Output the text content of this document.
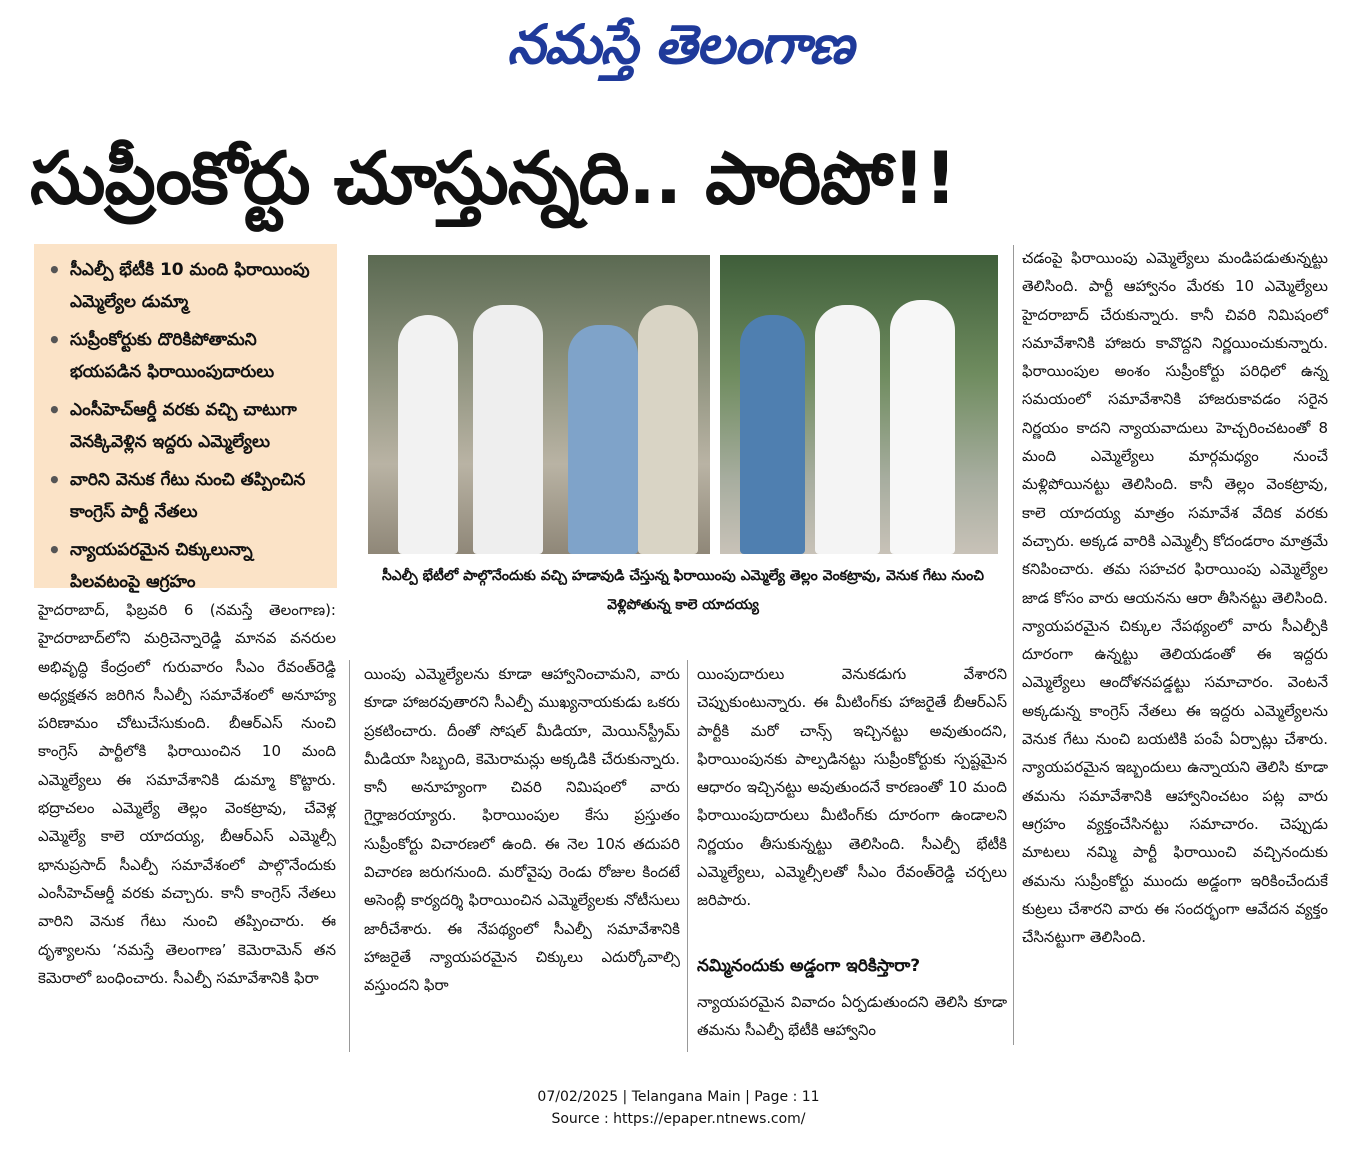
నమస్తే తెలంగాణ
సుప్రీంకోర్టు చూస్తున్నది.. పారిపో!!
• సీఎల్పీ భేటీకి 10 మంది ఫిరాయింపు ఎమ్మెల్యేల డుమ్మా
• సుప్రీంకోర్టుకు దొరికిపోతామని భయపడిన ఫిరాయింపుదారులు
• ఎంసీహెచ్‌ఆర్డీ వరకు వచ్చి చాటుగా వెనక్కివెళ్లిన ఇద్దరు ఎమ్మెల్యేలు
• వారిని వెనుక గేటు నుంచి తప్పించిన కాంగ్రెస్ పార్టీ నేతలు
• న్యాయపరమైన చిక్కులున్నా పిలవటంపై ఆగ్రహం	సీఎల్పీ భేటీలో పాల్గొనేందుకు వచ్చి హడావుడి చేస్తున్న ఫిరాయింపు ఎమ్మెల్యే తెల్లం వెంకట్రావు, వెనుక గేటు నుంచి వెళ్లిపోతున్న కాలె యాదయ్య

హైదరాబాద్, ఫిబ్రవరి 6 (నమస్తే తెలంగాణ): హైదరాబాద్‌లోని మర్రిచెన్నారెడ్డి మానవ వనరుల అభివృద్ధి కేంద్రంలో గురువారం సీఎం రేవంత్‌రెడ్డి అధ్యక్షతన జరిగిన సీఎల్పీ సమావేశంలో అనూహ్య పరిణామం చోటుచేసుకుంది. బీఆర్‌ఎస్ నుంచి కాంగ్రెస్ పార్టీలోకి ఫిరాయించిన 10 మంది ఎమ్మెల్యేలు ఈ సమావేశానికి డుమ్మా కొట్టారు. భద్రాచలం ఎమ్మెల్యే తెల్లం వెంకట్రావు, చేవెళ్ల ఎమ్మెల్యే కాలె యాదయ్య, బీఆర్‌ఎస్ ఎమ్మెల్సీ భానుప్రసాద్ సీఎల్పీ సమావేశంలో పాల్గొనేందుకు ఎంసీహెచ్‌ఆర్డీ వరకు వచ్చారు. కానీ కాంగ్రెస్ నేతలు వారిని వెనుక గేటు నుంచి తప్పించారు. ఈ దృశ్యాలను ‘నమస్తే తెలంగాణ’ కెమెరామెన్ తన కెమెరాలో బంధించారు. సీఎల్పీ సమావేశానికి ఫిరా

యింపు ఎమ్మెల్యేలను కూడా ఆహ్వానించామని, వారు కూడా హాజరవుతారని సీఎల్పీ ముఖ్యనాయకుడు ఒకరు ప్రకటించారు. దీంతో సోషల్ మీడియా, మెయిన్‌స్ట్రీమ్ మీడియా సిబ్బంది, కెమెరామన్లు అక్కడికి చేరుకున్నారు. కానీ అనూహ్యంగా చివరి నిమిషంలో వారు గైర్హాజరయ్యారు. ఫిరాయింపుల కేసు ప్రస్తుతం సుప్రీంకోర్టు విచారణలో ఉంది. ఈ నెల 10న తదుపరి విచారణ జరుగనుంది. మరోవైపు రెండు రోజుల కిందటే అసెంబ్లీ కార్యదర్శి ఫిరాయించిన ఎమ్మెల్యేలకు నోటీసులు జారీచేశారు. ఈ నేపథ్యంలో సీఎల్పీ సమావేశానికి హాజరైతే న్యాయపరమైన చిక్కులు ఎదుర్కోవాల్సి వస్తుందని ఫిరా

యింపుదారులు వెనుకడుగు వేశారని చెప్పుకుంటున్నారు. ఈ మీటింగ్‌కు హాజరైతే బీఆర్‌ఎస్ పార్టీకి మరో చాన్స్ ఇచ్చినట్టు అవుతుందని, ఫిరాయింపునకు పాల్పడినట్టు సుప్రీంకోర్టుకు స్పష్టమైన ఆధారం ఇచ్చినట్టు అవుతుందనే కారణంతో 10 మంది ఫిరాయింపుదారులు మీటింగ్‌కు దూరంగా ఉండాలని నిర్ణయం తీసుకున్నట్టు తెలిసింది. సీఎల్పీ భేటీకి ఎమ్మెల్యేలు, ఎమ్మెల్సీలతో సీఎం రేవంత్‌రెడ్డి చర్చలు జరిపారు.

నమ్మినందుకు అడ్డంగా ఇరికిస్తారా?

న్యాయపరమైన వివాదం ఏర్పడుతుందని తెలిసి కూడా తమను సీఎల్పీ భేటీకి ఆహ్వానిం

చడంపై ఫిరాయింపు ఎమ్మెల్యేలు మండిపడుతున్నట్టు తెలిసింది. పార్టీ ఆహ్వానం మేరకు 10 ఎమ్మెల్యేలు హైదరాబాద్ చేరుకున్నారు. కానీ చివరి నిమిషంలో సమావేశానికి హాజరు కావొద్దని నిర్ణయించుకున్నారు. ఫిరాయింపుల అంశం సుప్రీంకోర్టు పరిధిలో ఉన్న సమయంలో సమావేశానికి హాజరుకావడం సరైన నిర్ణయం కాదని న్యాయవాదులు హెచ్చరించటంతో 8 మంది ఎమ్మెల్యేలు మార్గమధ్యం నుంచే మళ్లిపోయినట్టు తెలిసింది. కానీ తెల్లం వెంకట్రావు, కాలె యాదయ్య మాత్రం సమావేశ వేదిక వరకు వచ్చారు. అక్కడ వారికి ఎమ్మెల్సీ కోదండరాం మాత్రమే కనిపించారు. తమ సహచర ఫిరాయింపు ఎమ్మెల్యేల జాడ కోసం వారు ఆయనను ఆరా తీసినట్టు తెలిసింది. న్యాయపరమైన చిక్కుల నేపథ్యంలో వారు సీఎల్పీకి దూరంగా ఉన్నట్టు తెలియడంతో ఈ ఇద్దరు ఎమ్మెల్యేలు ఆందోళనపడ్డట్టు సమాచారం. వెంటనే అక్కడున్న కాంగ్రెస్ నేతలు ఈ ఇద్దరు ఎమ్మెల్యేలను వెనుక గేటు నుంచి బయటికి పంపే ఏర్పాట్లు చేశారు. న్యాయపరమైన ఇబ్బందులు ఉన్నాయని తెలిసి కూడా తమను సమావేశానికి ఆహ్వానించటం పట్ల వారు ఆగ్రహం వ్యక్తంచేసినట్టు సమాచారం. చెప్పుడు మాటలు నమ్మి పార్టీ ఫిరాయించి వచ్చినందుకు తమను సుప్రీంకోర్టు ముందు అడ్డంగా ఇరికించేందుకే కుట్రలు చేశారని వారు ఈ సందర్భంగా ఆవేదన వ్యక్తం చేసినట్టుగా తెలిసింది.

07/02/2025 | Telangana Main | Page : 11
Source : https://epaper.ntnews.com/
